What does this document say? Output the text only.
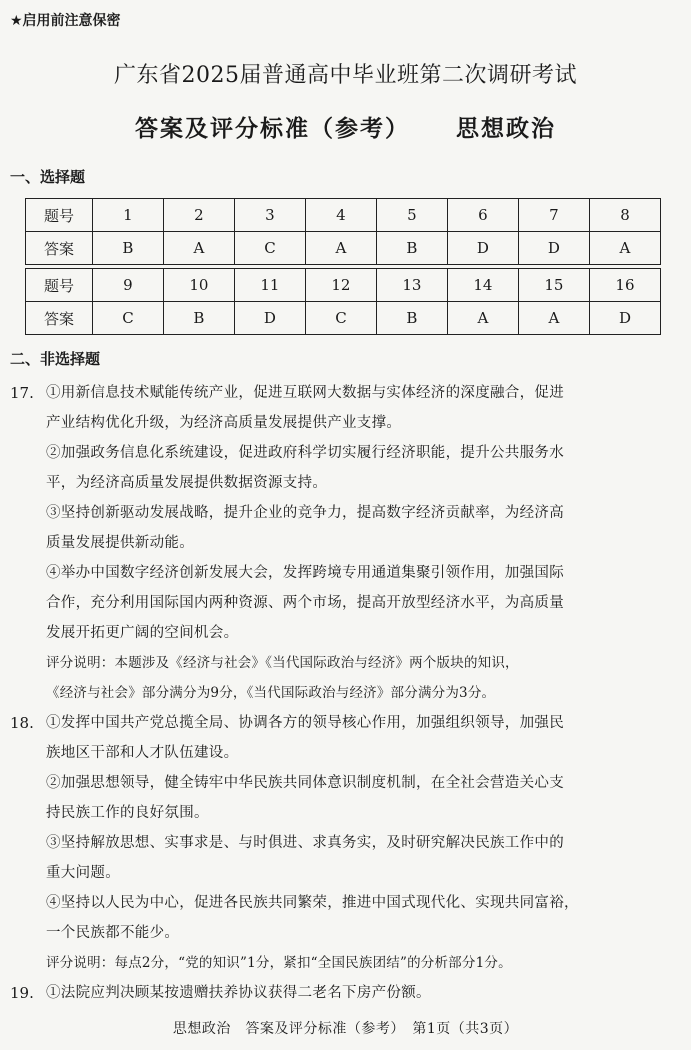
★启用前注意保密
广东省2025届普通高中毕业班第二次调研考试
答案及评分标准（参考） 思想政治
一、选择题
题号	1	2	3	4	5	6	7	8
答案	B	A	C	A	B	D	D	A
题号	9	10	11	12	13	14	15	16
答案	C	B	D	C	B	A	A	D
二、非选择题
17. ①用新信息技术赋能传统产业，促进互联网大数据与实体经济的深度融合，促进
产业结构优化升级，为经济高质量发展提供产业支撑。
②加强政务信息化系统建设，促进政府科学切实履行经济职能，提升公共服务水
平，为经济高质量发展提供数据资源支持。
③坚持创新驱动发展战略，提升企业的竞争力，提高数字经济贡献率，为经济高
质量发展提供新动能。
④举办中国数字经济创新发展大会，发挥跨境专用通道集聚引领作用，加强国际
合作，充分利用国际国内两种资源、两个市场，提高开放型经济水平，为高质量
发展开拓更广阔的空间机会。
评分说明：本题涉及《经济与社会》《当代国际政治与经济》两个版块的知识，
《经济与社会》部分满分为9分，《当代国际政治与经济》部分满分为3分。
18. ①发挥中国共产党总揽全局、协调各方的领导核心作用，加强组织领导，加强民
族地区干部和人才队伍建设。
②加强思想领导，健全铸牢中华民族共同体意识制度机制，在全社会营造关心支
持民族工作的良好氛围。
③坚持解放思想、实事求是、与时俱进、求真务实，及时研究解决民族工作中的
重大问题。
④坚持以人民为中心，促进各民族共同繁荣，推进中国式现代化、实现共同富裕，
一个民族都不能少。
评分说明：每点2分，“党的知识”1分，紧扣“全国民族团结”的分析部分1分。
19. ①法院应判决顾某按遗赠扶养协议获得二老名下房产份额。
思想政治　答案及评分标准（参考）　第1页（共3页）
